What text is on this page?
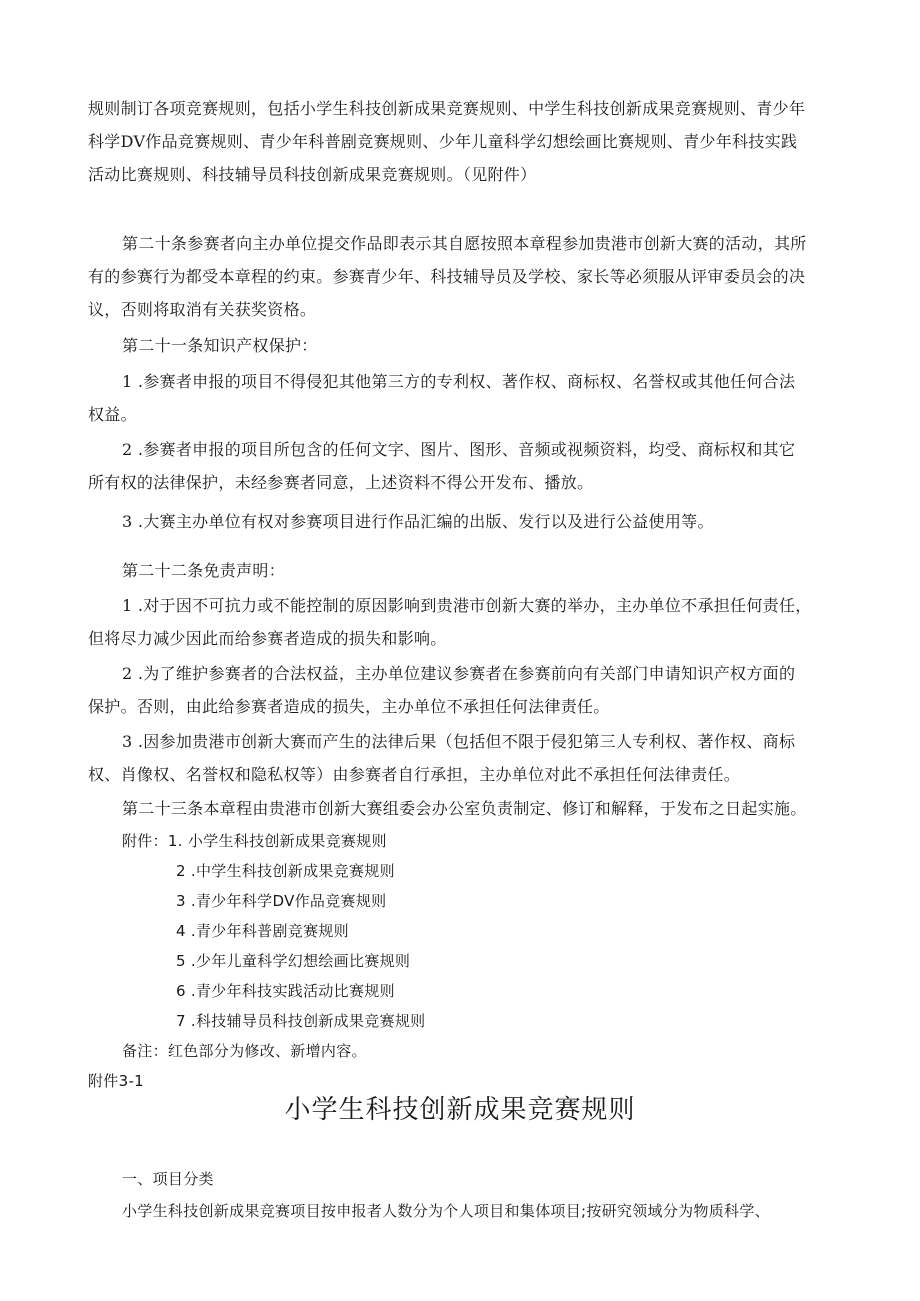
规则制订各项竞赛规则，包括小学生科技创新成果竞赛规则、中学生科技创新成果竞赛规则、青少年
科学DV作品竞赛规则、青少年科普剧竞赛规则、少年儿童科学幻想绘画比赛规则、青少年科技实践
活动比赛规则、科技辅导员科技创新成果竞赛规则。（见附件）
第二十条参赛者向主办单位提交作品即表示其自愿按照本章程参加贵港市创新大赛的活动，其所
有的参赛行为都受本章程的约束。参赛青少年、科技辅导员及学校、家长等必须服从评审委员会的决
议，否则将取消有关获奖资格。
第二十一条知识产权保护：
1 .参赛者申报的项目不得侵犯其他第三方的专利权、著作权、商标权、名誉权或其他任何合法
权益。
2 .参赛者申报的项目所包含的任何文字、图片、图形、音频或视频资料，均受、商标权和其它
所有权的法律保护，未经参赛者同意，上述资料不得公开发布、播放。
3 .大赛主办单位有权对参赛项目进行作品汇编的出版、发行以及进行公益使用等。
第二十二条免责声明：
1 .对于因不可抗力或不能控制的原因影响到贵港市创新大赛的举办，主办单位不承担任何责任，
但将尽力减少因此而给参赛者造成的损失和影响。
2 .为了维护参赛者的合法权益，主办单位建议参赛者在参赛前向有关部门申请知识产权方面的
保护。否则，由此给参赛者造成的损失，主办单位不承担任何法律责任。
3 .因参加贵港市创新大赛而产生的法律后果（包括但不限于侵犯第三人专利权、著作权、商标
权、肖像权、名誉权和隐私权等）由参赛者自行承担，主办单位对此不承担任何法律责任。
第二十三条本章程由贵港市创新大赛组委会办公室负责制定、修订和解释，于发布之日起实施。
附件：1. 小学生科技创新成果竞赛规则
2 .中学生科技创新成果竞赛规则
3 .青少年科学DV作品竞赛规则
4 .青少年科普剧竞赛规则
5 .少年儿童科学幻想绘画比赛规则
6 .青少年科技实践活动比赛规则
7 .科技辅导员科技创新成果竞赛规则
备注：红色部分为修改、新增内容。
附件3-1
小学生科技创新成果竞赛规则
一、项目分类
小学生科技创新成果竞赛项目按申报者人数分为个人项目和集体项目;按研究领域分为物质科学、
